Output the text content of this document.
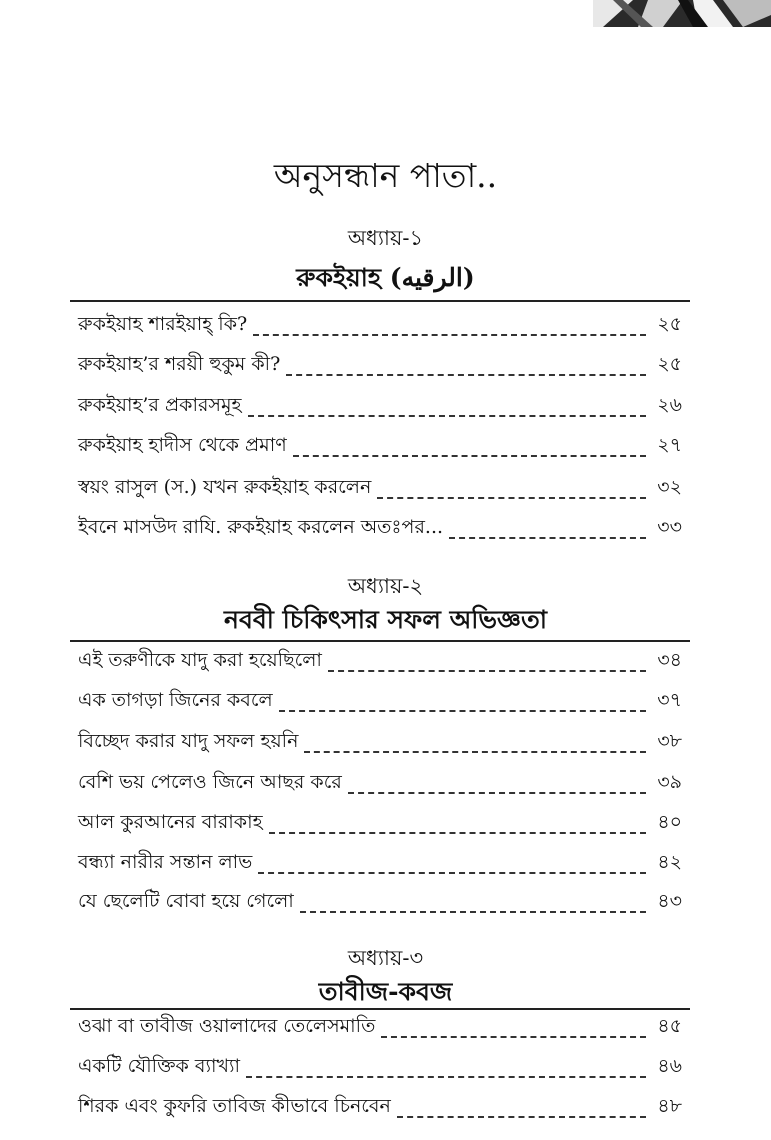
অনুসন্ধান পাতা..
অধ্যায়-১
রুকইয়াহ (الرقيه)
রুকইয়াহ শারইয়াহ্ কি?	২৫
রুকইয়াহ’র শরয়ী হুকুম কী?	২৫
রুকইয়াহ’র প্রকারসমূহ	২৬
রুকইয়াহ হাদীস থেকে প্রমাণ	২৭
স্বয়ং রাসুল (স.) যখন রুকইয়াহ করলেন	৩২
ইবনে মাসউদ রাযি. রুকইয়াহ করলেন অতঃপর...	৩৩
অধ্যায়-২
নববী চিকিৎসার সফল অভিজ্ঞতা
এই তরুণীকে যাদু করা হয়েছিলো	৩৪
এক তাগড়া জিনের কবলে	৩৭
বিচ্ছেদ করার যাদু সফল হয়নি	৩৮
বেশি ভয় পেলেও জিনে আছর করে	৩৯
আল কুরআনের বারাকাহ	৪০
বন্ধ্যা নারীর সন্তান লাভ	৪২
যে ছেলেটি বোবা হয়ে গেলো	৪৩
অধ্যায়-৩
তাবীজ-কবজ
ওঝা বা তাবীজ ওয়ালাদের তেলেসমাতি	৪৫
একটি যৌক্তিক ব্যাখ্যা	৪৬
শিরক এবং কুফরি তাবিজ কীভাবে চিনবেন	৪৮
